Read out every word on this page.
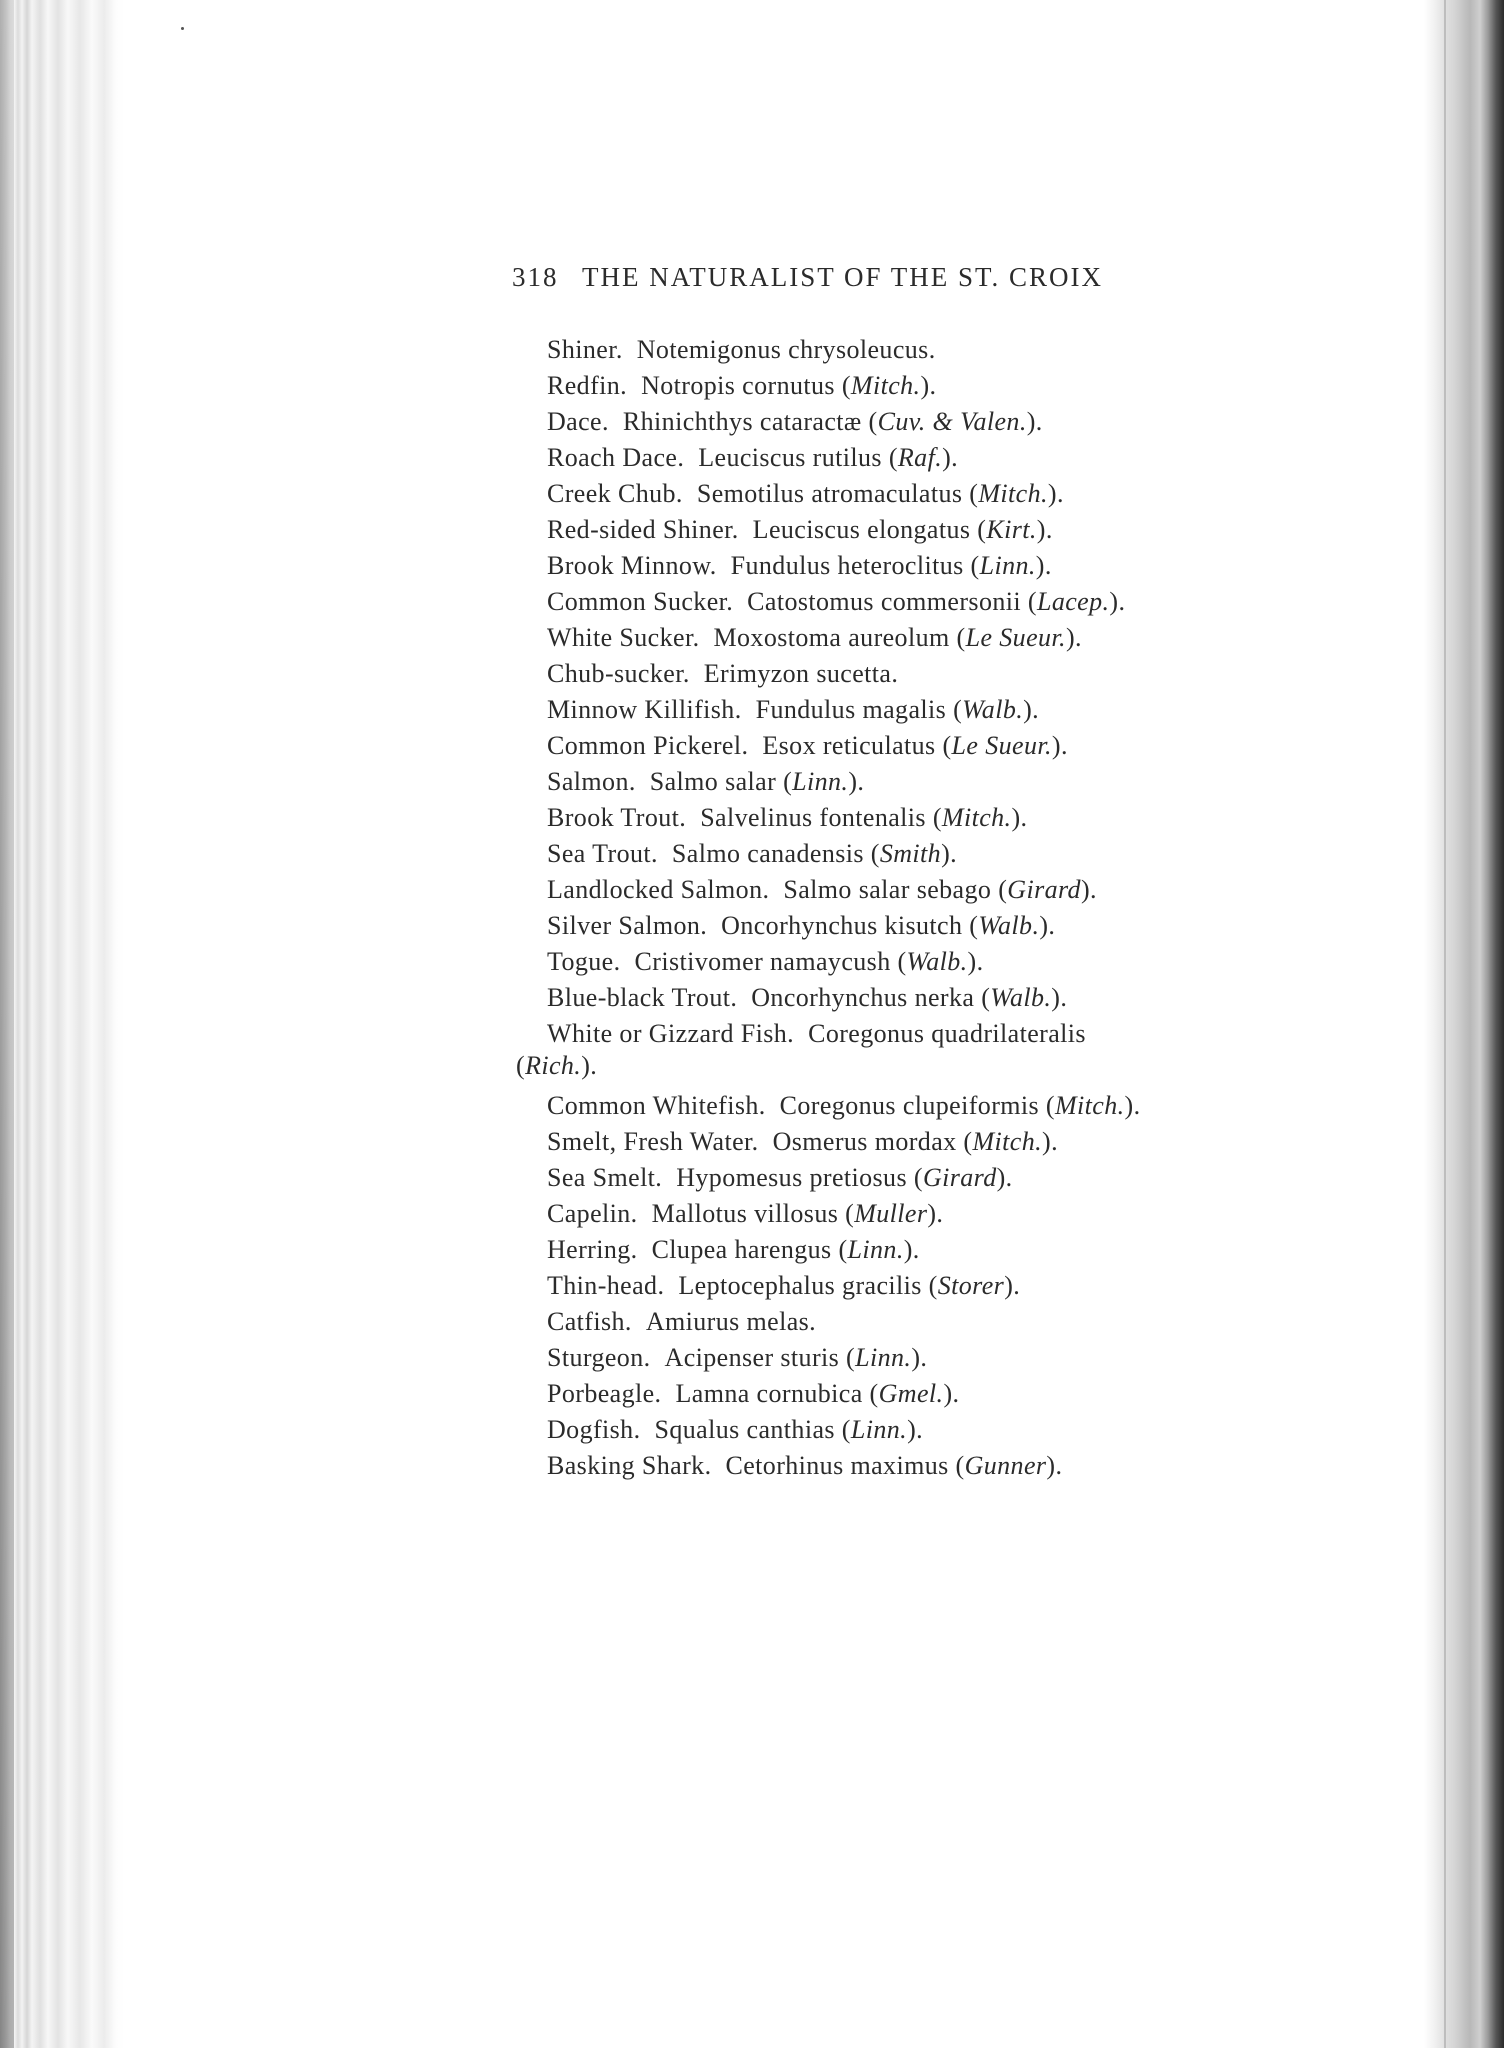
318 THE NATURALIST OF THE ST. CROIX
Shiner. Notemigonus chrysoleucus.
Redfin. Notropis cornutus (Mitch.).
Dace. Rhinichthys cataractæ (Cuv. & Valen.).
Roach Dace. Leuciscus rutilus (Raf.).
Creek Chub. Semotilus atromaculatus (Mitch.).
Red-sided Shiner. Leuciscus elongatus (Kirt.).
Brook Minnow. Fundulus heteroclitus (Linn.).
Common Sucker. Catostomus commersonii (Lacep.).
White Sucker. Moxostoma aureolum (Le Sueur.).
Chub-sucker. Erimyzon sucetta.
Minnow Killifish. Fundulus magalis (Walb.).
Common Pickerel. Esox reticulatus (Le Sueur.).
Salmon. Salmo salar (Linn.).
Brook Trout. Salvelinus fontenalis (Mitch.).
Sea Trout. Salmo canadensis (Smith).
Landlocked Salmon. Salmo salar sebago (Girard).
Silver Salmon. Oncorhynchus kisutch (Walb.).
Togue. Cristivomer namaycush (Walb.).
Blue-black Trout. Oncorhynchus nerka (Walb.).
White or Gizzard Fish. Coregonus quadrilateralis
(Rich.).
Common Whitefish. Coregonus clupeiformis (Mitch.).
Smelt, Fresh Water. Osmerus mordax (Mitch.).
Sea Smelt. Hypomesus pretiosus (Girard).
Capelin. Mallotus villosus (Muller).
Herring. Clupea harengus (Linn.).
Thin-head. Leptocephalus gracilis (Storer).
Catfish. Amiurus melas.
Sturgeon. Acipenser sturis (Linn.).
Porbeagle. Lamna cornubica (Gmel.).
Dogfish. Squalus canthias (Linn.).
Basking Shark. Cetorhinus maximus (Gunner).
